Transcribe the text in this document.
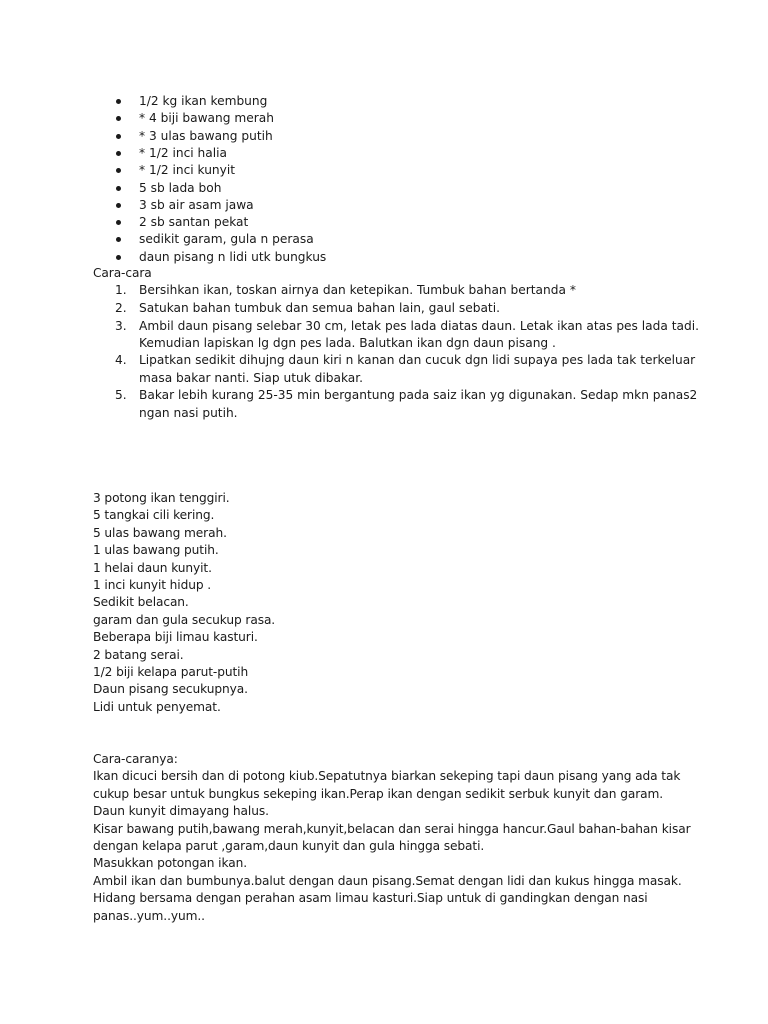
1/2 kg ikan kembung
* 4 biji bawang merah
* 3 ulas bawang putih
* 1/2 inci halia
* 1/2 inci kunyit
5 sb lada boh
3 sb air asam jawa
2 sb santan pekat
sedikit garam, gula n perasa
daun pisang n lidi utk bungkus
Cara-cara
1. Bersihkan ikan, toskan airnya dan ketepikan. Tumbuk bahan bertanda *
2. Satukan bahan tumbuk dan semua bahan lain, gaul sebati.
3. Ambil daun pisang selebar 30 cm, letak pes lada diatas daun. Letak ikan atas pes lada tadi.
Kemudian lapiskan lg dgn pes lada. Balutkan ikan dgn daun pisang .
4. Lipatkan sedikit dihujng daun kiri n kanan dan cucuk dgn lidi supaya pes lada tak terkeluar
masa bakar nanti. Siap utuk dibakar.
5. Bakar lebih kurang 25-35 min bergantung pada saiz ikan yg digunakan. Sedap mkn panas2
ngan nasi putih.
3 potong ikan tenggiri.
5 tangkai cili kering.
5 ulas bawang merah.
1 ulas bawang putih.
1 helai daun kunyit.
1 inci kunyit hidup .
Sedikit belacan.
garam dan gula secukup rasa.
Beberapa biji limau kasturi.
2 batang serai.
1/2 biji kelapa parut-putih
Daun pisang secukupnya.
Lidi untuk penyemat.
Cara-caranya:
Ikan dicuci bersih dan di potong kiub.Sepatutnya biarkan sekeping tapi daun pisang yang ada tak
cukup besar untuk bungkus sekeping ikan.Perap ikan dengan sedikit serbuk kunyit dan garam.
Daun kunyit dimayang halus.
Kisar bawang putih,bawang merah,kunyit,belacan dan serai hingga hancur.Gaul bahan-bahan kisar
dengan kelapa parut ,garam,daun kunyit dan gula hingga sebati.
Masukkan potongan ikan.
Ambil ikan dan bumbunya.balut dengan daun pisang.Semat dengan lidi dan kukus hingga masak.
Hidang bersama dengan perahan asam limau kasturi.Siap untuk di gandingkan dengan nasi
panas..yum..yum..
